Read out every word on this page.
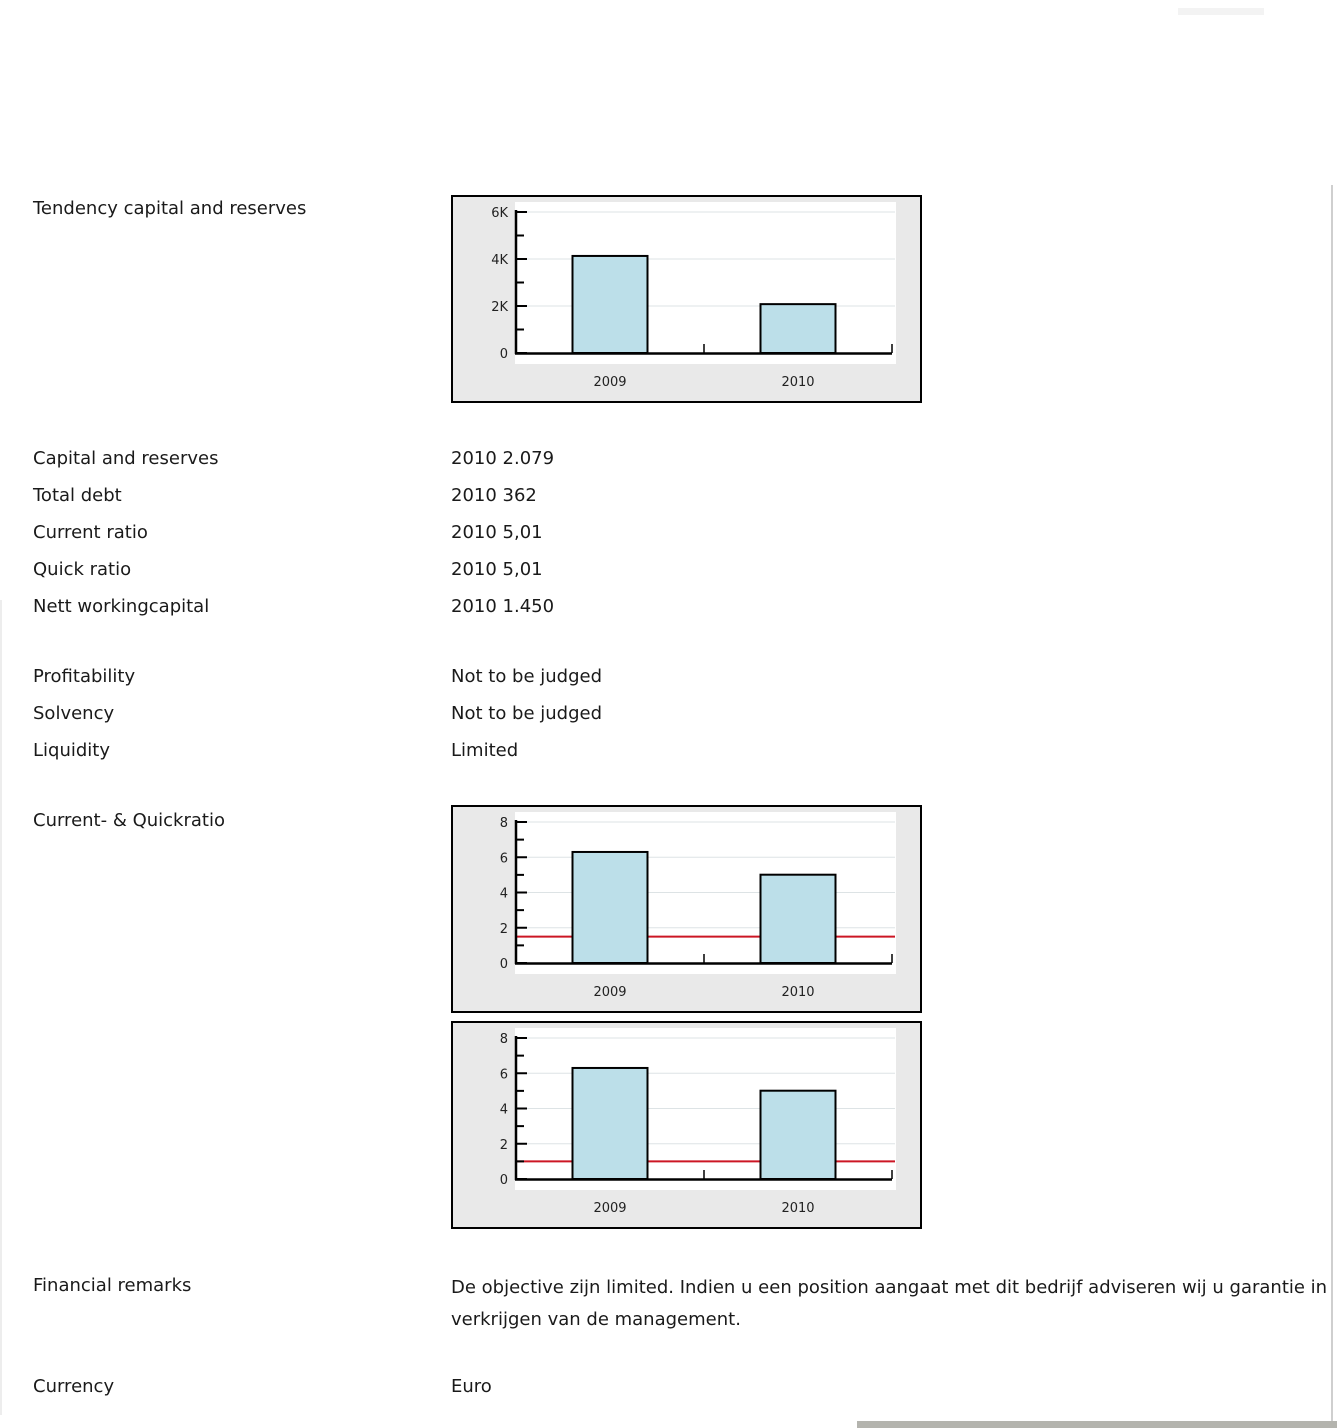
Tendency capital and reserves
0
2K
4K
6K
2009	2010
Capital and reserves	2010 2.079
Total debt	2010 362
Current ratio	2010 5,01
Quick ratio	2010 5,01
Nett workingcapital	2010 1.450
Profitability	Not to be judged
Solvency	Not to be judged
Liquidity	Limited
Current- & Quickratio
0
2
4
6
8
2009	2010
0
2
4
6
8
2009	2010
Financial remarks	De objective zijn limited. Indien u een position aangaat met dit bedrijf adviseren wij u garantie in verkrijgen van de management.
Currency	Euro
